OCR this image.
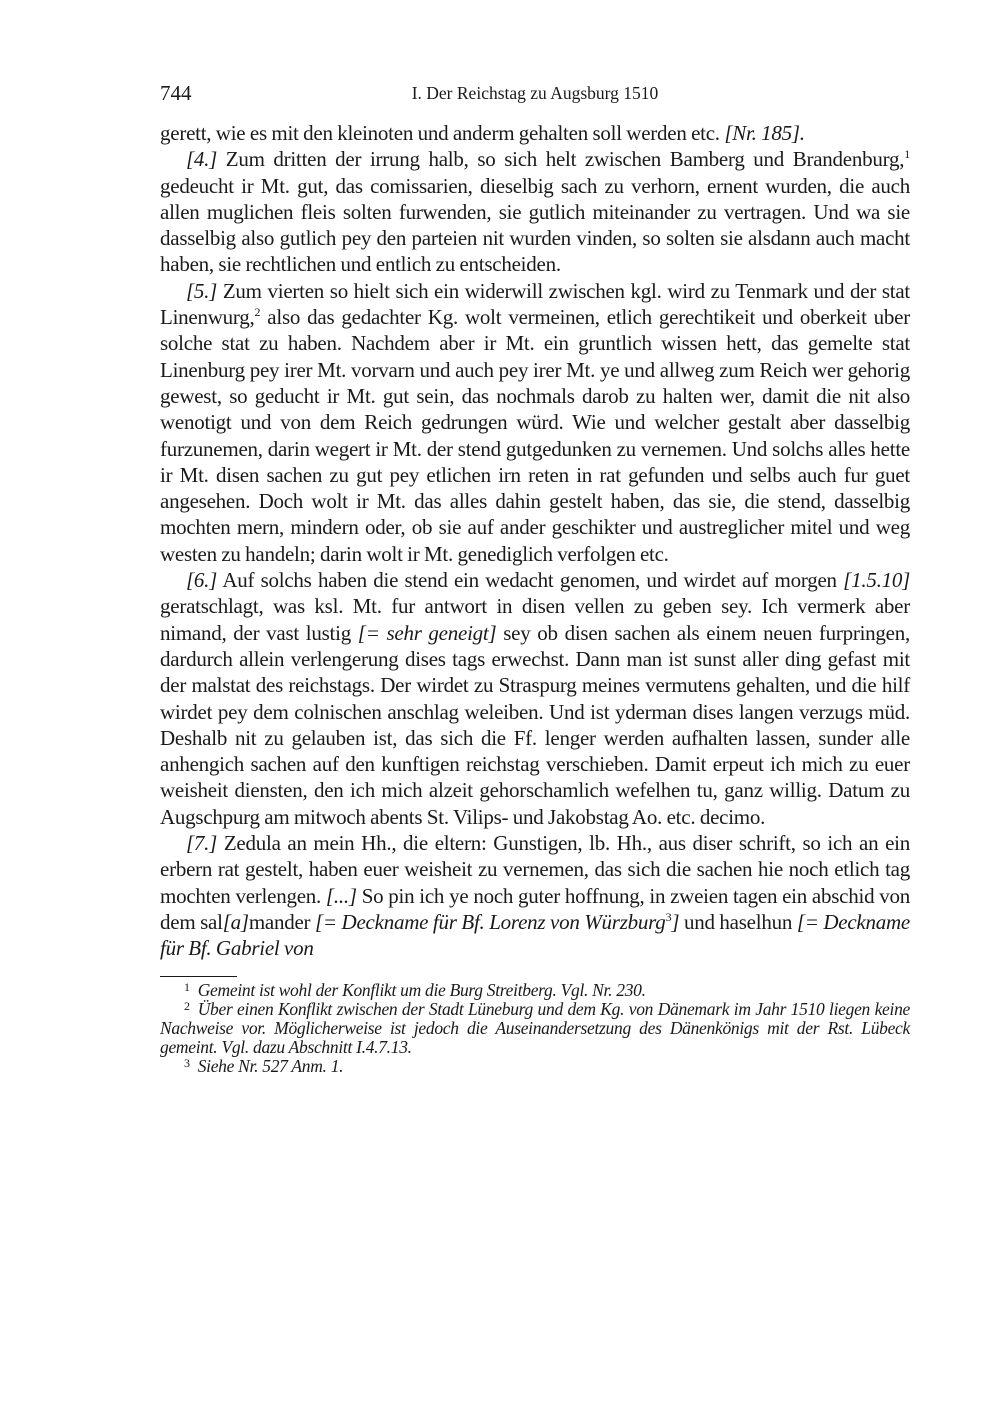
744	I. Der Reichstag zu Augsburg 1510

gerett, wie es mit den kleinoten und anderm gehalten soll werden etc. [Nr. 185].

[4.] Zum dritten der irrung halb, so sich helt zwischen Bamberg und Brandenburg,$^1$ gedeucht ir Mt. gut, das comissarien, dieselbig sach zu verhorn, ernent wurden, die auch allen muglichen fleis solten furwenden, sie gutlich miteinander zu vertragen. Und wa sie dasselbig also gutlich pey den parteien nit wurden vinden, so solten sie alsdann auch macht haben, sie rechtlichen und entlich zu entscheiden.

[5.] Zum vierten so hielt sich ein widerwill zwischen kgl. wird zu Tenmark und der stat Linenwurg,$^2$ also das gedachter Kg. wolt vermeinen, etlich gerechtikeit und oberkeit uber solche stat zu haben. Nachdem aber ir Mt. ein gruntlich wissen hett, das gemelte stat Linenburg pey irer Mt. vorvarn und auch pey irer Mt. ye und allweg zum Reich wer gehorig gewest, so geducht ir Mt. gut sein, das nochmals darob zu halten wer, damit die nit also wenotigt und von dem Reich gedrungen würd. Wie und welcher gestalt aber dasselbig furzunemen, darin wegert ir Mt. der stend gutgedunken zu vernemen. Und solchs alles hette ir Mt. disen sachen zu gut pey etlichen irn reten in rat gefunden und selbs auch fur guet angesehen. Doch wolt ir Mt. das alles dahin gestelt haben, das sie, die stend, dasselbig mochten mern, mindern oder, ob sie auf ander geschikter und austreglicher mitel und weg westen zu handeln; darin wolt ir Mt. genediglich verfolgen etc.

[6.] Auf solchs haben die stend ein wedacht genomen, und wirdet auf morgen [1.5.10] geratschlagt, was ksl. Mt. fur antwort in disen vellen zu geben sey. Ich vermerk aber nimand, der vast lustig [= sehr geneigt] sey ob disen sachen als einem neuen furpringen, dardurch allein verlengerung dises tags erwechst. Dann man ist sunst aller ding gefast mit der malstat des reichstags. Der wirdet zu Straspurg meines vermutens gehalten, und die hilf wirdet pey dem colnischen anschlag weleiben. Und ist yderman dises langen verzugs müd. Deshalb nit zu gelauben ist, das sich die Ff. lenger werden aufhalten lassen, sunder alle anhengich sachen auf den kunftigen reichstag verschieben. Damit erpeut ich mich zu euer weisheit diensten, den ich mich alzeit gehorschamlich wefelhen tu, ganz willig. Datum zu Augschpurg am mitwoch abents St. Vilips- und Jakobstag Ao. etc. decimo.

[7.] Zedula an mein Hh., die eltern: Gunstigen, lb. Hh., aus diser schrift, so ich an ein erbern rat gestelt, haben euer weisheit zu vernemen, das sich die sachen hie noch etlich tag mochten verlengen. [...] So pin ich ye noch guter hoffnung, in zweien tagen ein abschid von dem sal[a]mander [= Deckname für Bf. Lorenz von Würzburg$^3$] und haselhun [= Deckname für Bf. Gabriel von

$^1$ Gemeint ist wohl der Konflikt um die Burg Streitberg. Vgl. Nr. 230.

$^2$ Über einen Konflikt zwischen der Stadt Lüneburg und dem Kg. von Dänemark im Jahr 1510 liegen keine Nachweise vor. Möglicherweise ist jedoch die Auseinandersetzung des Dänenkönigs mit der Rst. Lübeck gemeint. Vgl. dazu Abschnitt I.4.7.13.

$^3$ Siehe Nr. 527 Anm. 1.
